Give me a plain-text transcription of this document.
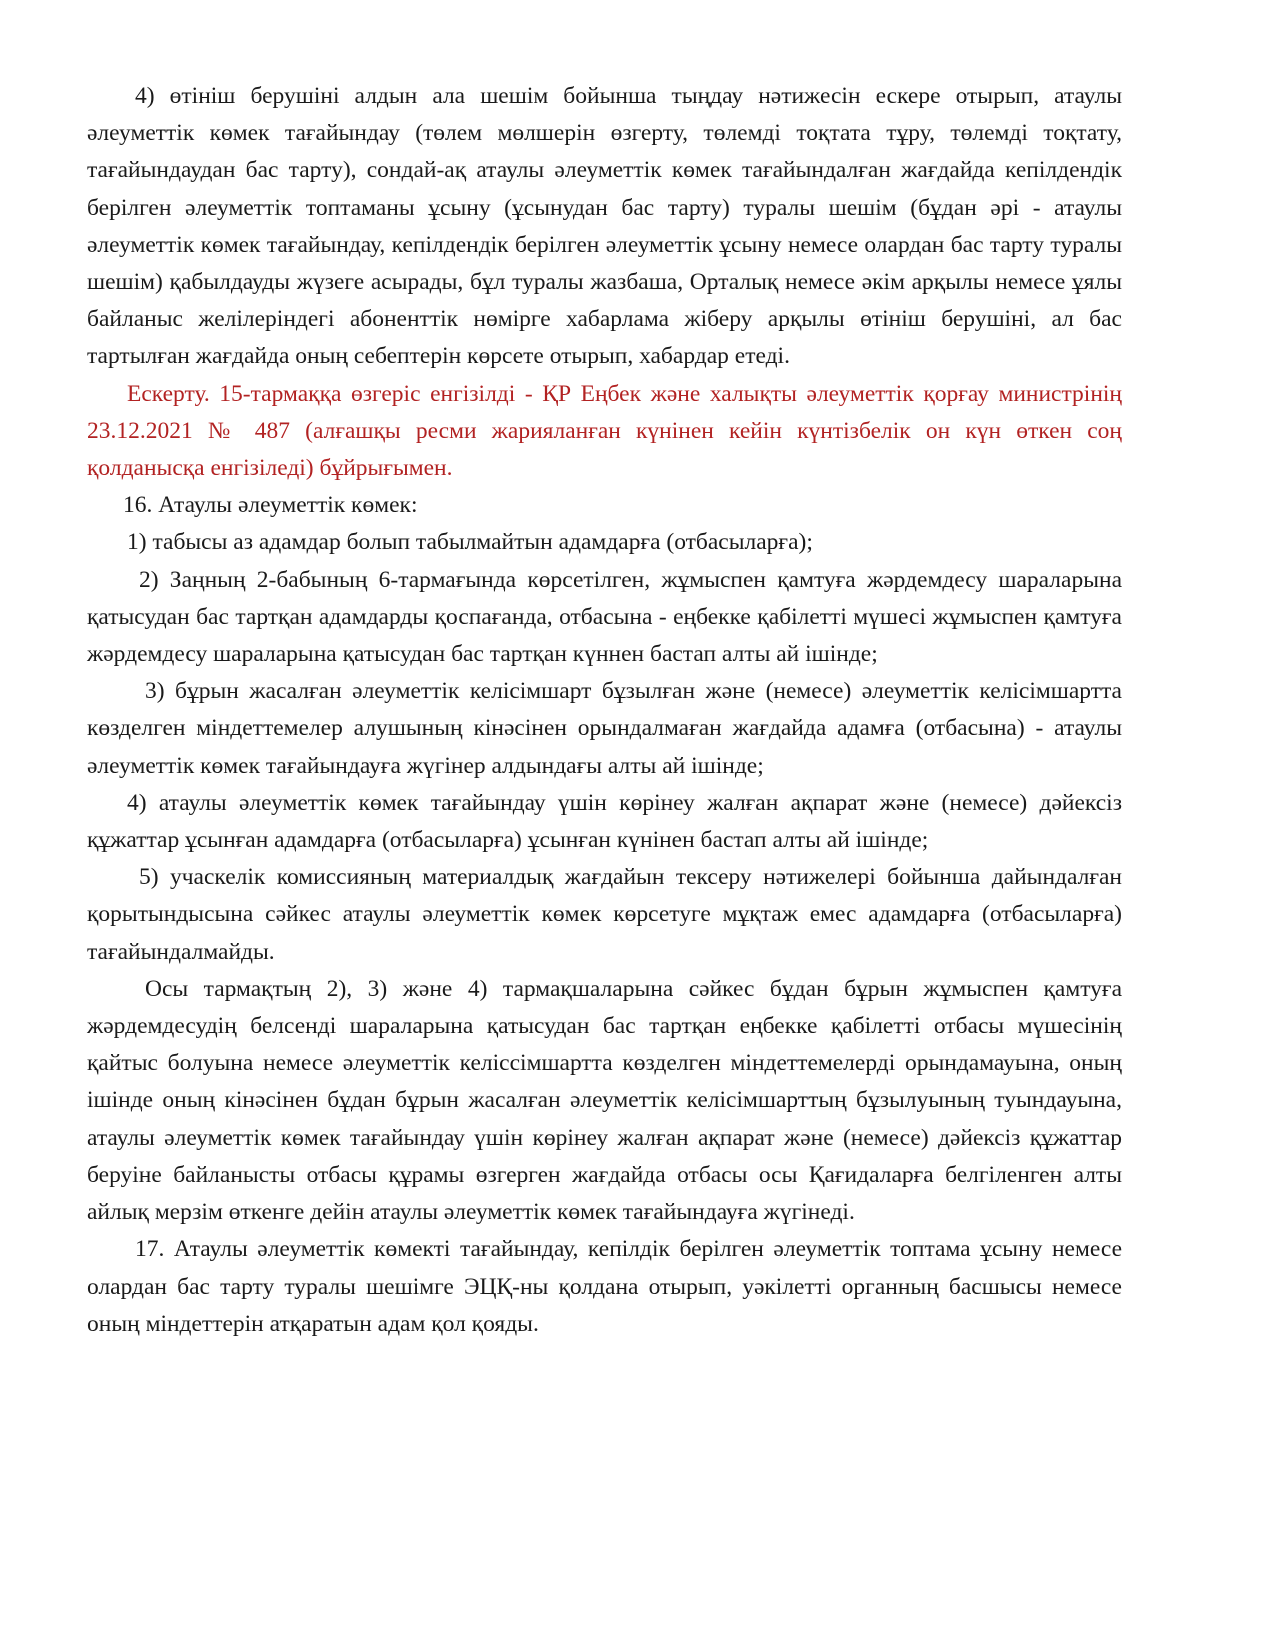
4) өтініш берушіні алдын ала шешім бойынша тыңдау нәтижесін ескере отырып, атаулы әлеуметтік көмек тағайындау (төлем мөлшерін өзгерту, төлемді тоқтата тұру, төлемді тоқтату, тағайындаудан бас тарту), сондай-ақ атаулы әлеуметтік көмек тағайындалған жағдайда кепілдендік берілген әлеуметтік топтаманы ұсыну (ұсынудан бас тарту) туралы шешім (бұдан әрі - атаулы әлеуметтік көмек тағайындау, кепілдендік берілген әлеуметтік ұсыну немесе олардан бас тарту туралы шешім) қабылдауды жүзеге асырады, бұл туралы жазбаша, Орталық немесе әкім арқылы немесе ұялы байланыс желілеріндегі абоненттік нөмірге хабарлама жіберу арқылы өтініш берушіні, ал бас тартылған жағдайда оның себептерін көрсете отырып, хабардар етеді.

Ескерту. 15-тармаққа өзгеріс енгізілді - ҚР Еңбек және халықты әлеуметтік қорғау министрінің 23.12.2021 № 487 (алғашқы ресми жарияланған күнінен кейін күнтізбелік он күн өткен соң қолданысқа енгізіледі) бұйрығымен.

16. Атаулы әлеуметтік көмек:

1) табысы аз адамдар болып табылмайтын адамдарға (отбасыларға);

2) Заңның 2-бабының 6-тармағында көрсетілген, жұмыспен қамтуға жәрдемдесу шараларына қатысудан бас тартқан адамдарды қоспағанда, отбасына - еңбекке қабілетті мүшесі жұмыспен қамтуға жәрдемдесу шараларына қатысудан бас тартқан күннен бастап алты ай ішінде;

3) бұрын жасалған әлеуметтік келісімшарт бұзылған және (немесе) әлеуметтік келісімшартта көзделген міндеттемелер алушының кінәсінен орындалмаған жағдайда адамға (отбасына) - атаулы әлеуметтік көмек тағайындауға жүгінер алдындағы алты ай ішінде;

4) атаулы әлеуметтік көмек тағайындау үшін көрінеу жалған ақпарат және (немесе) дәйексіз құжаттар ұсынған адамдарға (отбасыларға) ұсынған күнінен бастап алты ай ішінде;

5) учаскелік комиссияның материалдық жағдайын тексеру нәтижелері бойынша дайындалған қорытындысына сәйкес атаулы әлеуметтік көмек көрсетуге мұқтаж емес адамдарға (отбасыларға) тағайындалмайды.

Осы тармақтың 2), 3) және 4) тармақшаларына сәйкес бұдан бұрын жұмыспен қамтуға жәрдемдесудің белсенді шараларына қатысудан бас тартқан еңбекке қабілетті отбасы мүшесінің қайтыс болуына немесе әлеуметтік келіссімшартта көзделген міндеттемелерді орындамауына, оның ішінде оның кінәсінен бұдан бұрын жасалған әлеуметтік келісімшарттың бұзылуының туындауына, атаулы әлеуметтік көмек тағайындау үшін көрінеу жалған ақпарат және (немесе) дәйексіз құжаттар беруіне байланысты отбасы құрамы өзгерген жағдайда отбасы осы Қағидаларға белгіленген алты айлық мерзім өткенге дейін атаулы әлеуметтік көмек тағайындауға жүгінеді.

17. Атаулы әлеуметтік көмекті тағайындау, кепілдік берілген әлеуметтік топтама ұсыну немесе олардан бас тарту туралы шешімге ЭЦҚ-ны қолдана отырып, уәкілетті органның басшысы немесе оның міндеттерін атқаратын адам қол қояды.
